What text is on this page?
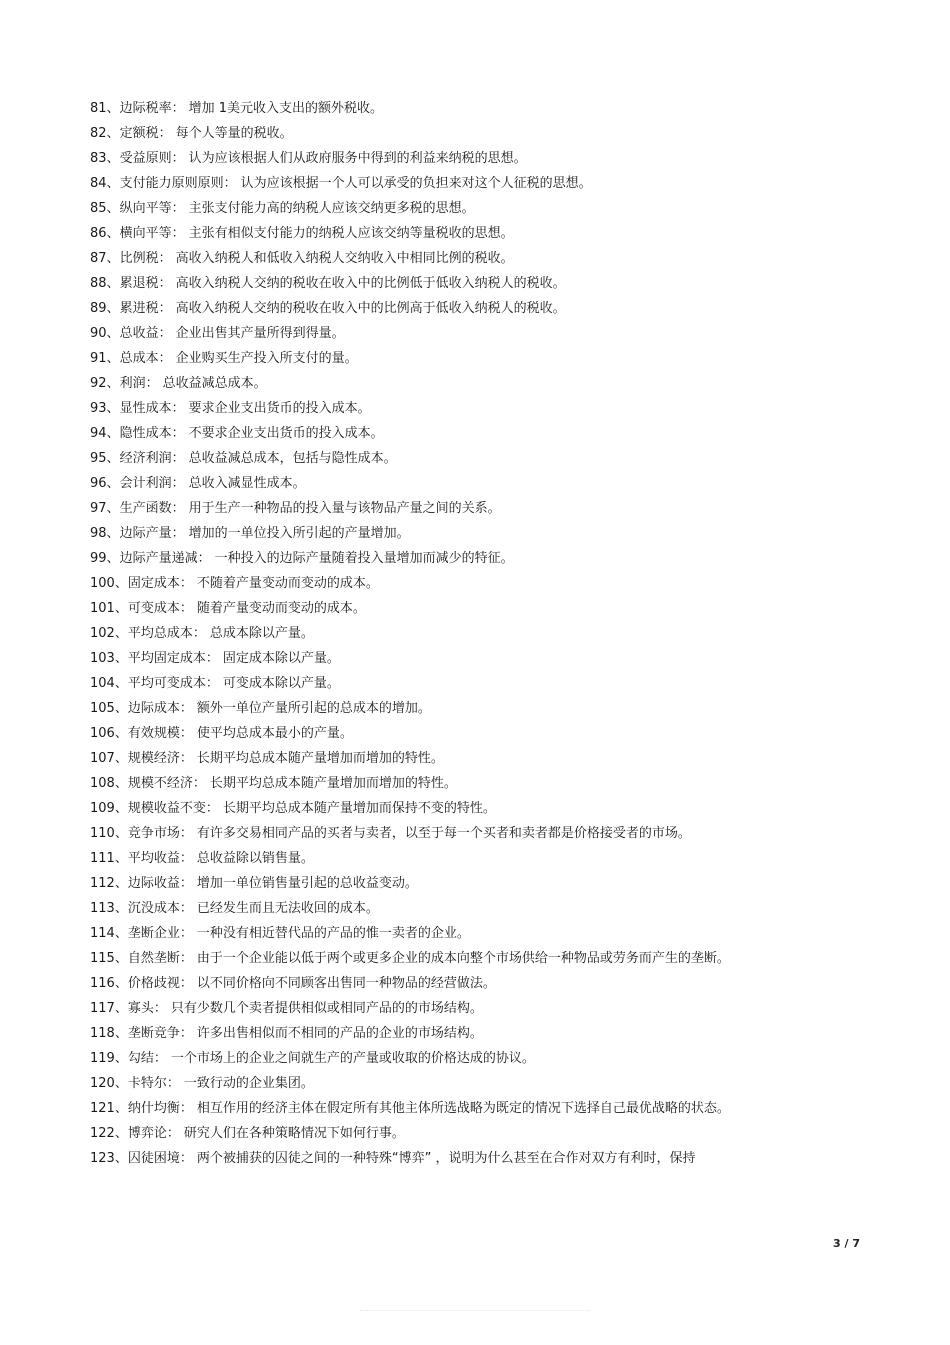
81 、 边际税率： 增加 1美元收入支出的额外税收。
82 、 定额税： 每个人等量的税收。
83 、 受益原则： 认为应该根据人们从政府服务中得到的利益来纳税的思想。
84 、 支付能力原则原则： 认为应该根据一个人可以承受的负担来对这个人征税的思想。
85 、 纵向平等： 主张支付能力高的纳税人应该交纳更多税的思想。
86 、 横向平等： 主张有相似支付能力的纳税人应该交纳等量税收的思想。
87 、 比例税： 高收入纳税人和低收入纳税人交纳收入中相同比例的税收。
88 、 累退税： 高收入纳税人交纳的税收在收入中的比例低于低收入纳税人的税收。
89 、 累进税： 高收入纳税人交纳的税收在收入中的比例高于低收入纳税人的税收。
90 、 总收益： 企业出售其产量所得到得量。
91 、 总成本： 企业购买生产投入所支付的量。
92 、 利润： 总收益减总成本。
93 、 显性成本： 要求企业支出货币的投入成本。
94 、 隐性成本： 不要求企业支出货币的投入成本。
95 、 经济利润： 总收益减总成本，包括与隐性成本。
96 、 会计利润： 总收入减显性成本。
97 、 生产函数： 用于生产一种物品的投入量与该物品产量之间的关系。
98 、 边际产量： 增加的一单位投入所引起的产量增加。
99 、 边际产量递减： 一种投入的边际产量随着投入量增加而减少的特征。
100 、 固定成本： 不随着产量变动而变动的成本。
101 、 可变成本： 随着产量变动而变动的成本。
102 、 平均总成本： 总成本除以产量。
103 、 平均固定成本： 固定成本除以产量。
104 、 平均可变成本： 可变成本除以产量。
105 、 边际成本： 额外一单位产量所引起的总成本的增加。
106 、 有效规模： 使平均总成本最小的产量。
107 、 规模经济： 长期平均总成本随产量增加而增加的特性。
108 、 规模不经济： 长期平均总成本随产量增加而增加的特性。
109 、 规模收益不变： 长期平均总成本随产量增加而保持不变的特性。
110 、 竞争市场： 有许多交易相同产品的买者与卖者，以至于每一个买者和卖者都是价格接受者的市场。
111 、 平均收益： 总收益除以销售量。
112 、 边际收益： 增加一单位销售量引起的总收益变动。
113 、 沉没成本： 已经发生而且无法收回的成本。
114 、 垄断企业： 一种没有相近替代品的产品的惟一卖者的企业。
115 、 自然垄断： 由于一个企业能以低于两个或更多企业的成本向整个市场供给一种物品或劳务而产生的垄断。
116 、 价格歧视： 以不同价格向不同顾客出售同一种物品的经营做法。
117 、 寡头： 只有少数几个卖者提供相似或相同产品的的市场结构。
118 、 垄断竞争： 许多出售相似而不相同的产品的企业的市场结构。
119 、 勾结： 一个市场上的企业之间就生产的产量或收取的价格达成的协议。
120 、 卡特尔： 一致行动的企业集团。
121 、 纳什均衡： 相互作用的经济主体在假定所有其他主体所选战略为既定的情况下选择自己最优战略的状态。
122 、 博弈论： 研究人们在各种策略情况下如何行事。
123 、 囚徒困境： 两个被捕获的囚徒之间的一种特殊“博弈” ，说明为什么甚至在合作对双方有利时，保持
3 / 7
